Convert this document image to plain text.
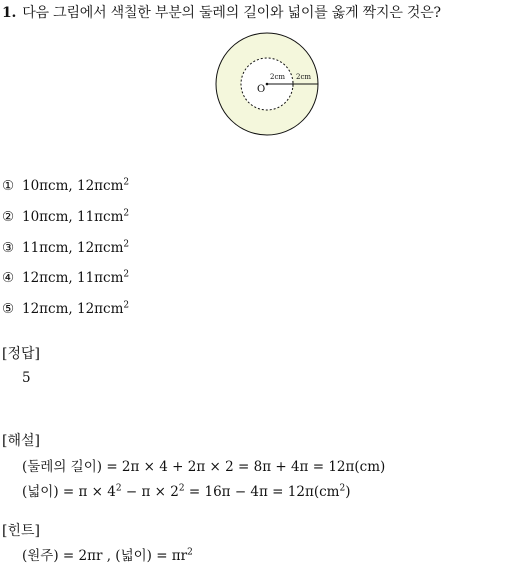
1. 다음 그림에서 색칠한 부분의 둘레의 길이와 넓이를 옳게 짝지은 것은?
O
2cm 2cm
① 10πcm, 12πcm$^2$
② 10πcm, 11πcm$^2$
③ 11πcm, 12πcm$^2$
④ 12πcm, 11πcm$^2$
⑤ 12πcm, 12πcm$^2$
[정답]
5
[해설]
(둘레의 길이) = 2π × 4 + 2π × 2 = 8π + 4π = 12π(cm)
(넓이) = $\pi \times 4^2 - \pi \times 2^2 = 16\pi - 4\pi = 12\pi(cm^2)$
[힌트]
(원주) = 2πr , (넓이) = $\pi r^2$
